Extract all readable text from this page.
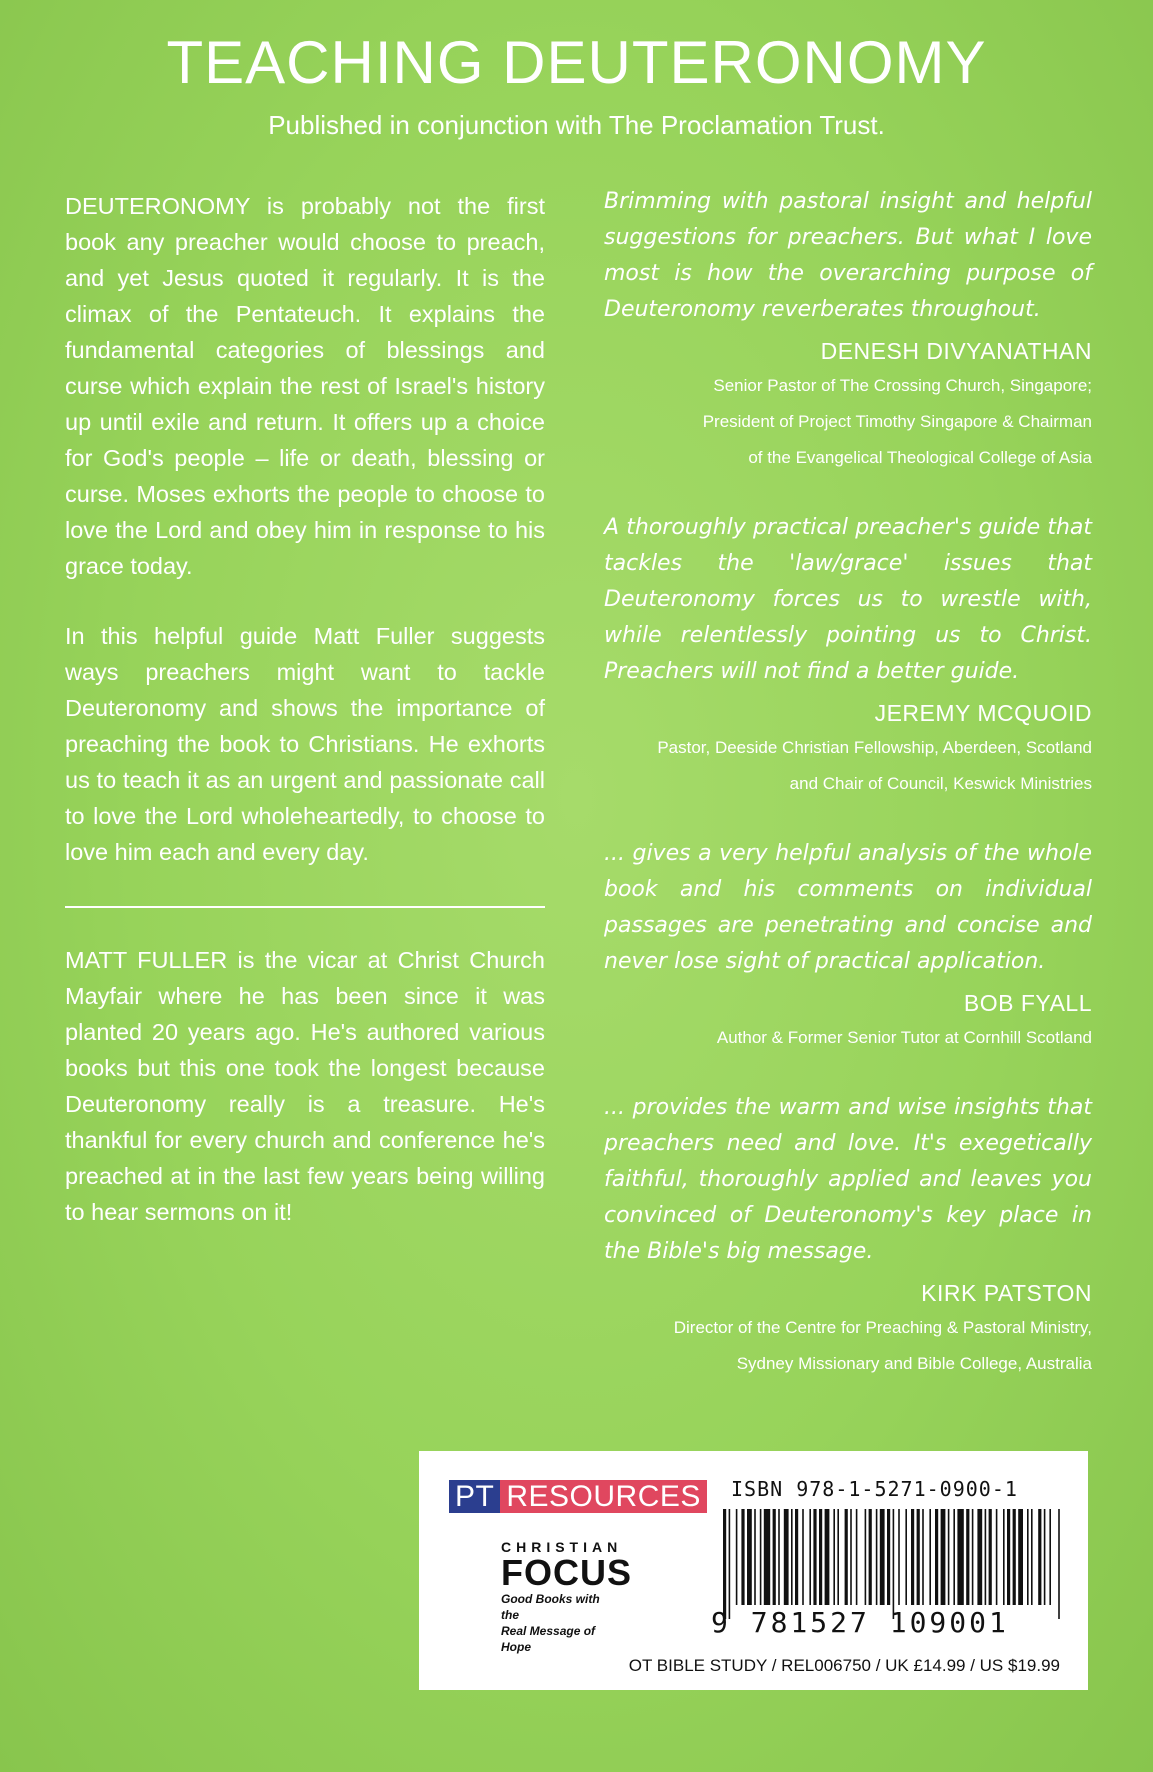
TEACHING DEUTERONOMY
Published in conjunction with The Proclamation Trust.

DEUTERONOMY is probably not the first book any preacher would choose to preach, and yet Jesus quoted it regularly. It is the climax of the Pentateuch. It explains the fundamental categories of blessings and curse which explain the rest of Israel's history up until exile and return. It offers up a choice for God's people – life or death, blessing or curse. Moses exhorts the people to choose to love the Lord and obey him in response to his grace today.

In this helpful guide Matt Fuller suggests ways preachers might want to tackle Deuteronomy and shows the importance of preaching the book to Christians. He exhorts us to teach it as an urgent and passionate call to love the Lord wholeheartedly, to choose to love him each and every day.

MATT FULLER is the vicar at Christ Church Mayfair where he has been since it was planted 20 years ago. He's authored various books but this one took the longest because Deuteronomy really is a treasure. He's thankful for every church and conference he's preached at in the last few years being willing to hear sermons on it!

Brimming with pastoral insight and helpful suggestions for preachers. But what I love most is how the overarching purpose of Deuteronomy reverberates throughout.

DENESH DIVYANATHAN
Senior Pastor of The Crossing Church, Singapore;
President of Project Timothy Singapore & Chairman
of the Evangelical Theological College of Asia

A thoroughly practical preacher's guide that tackles the 'law/grace' issues that Deuteronomy forces us to wrestle with, while relentlessly pointing us to Christ. Preachers will not find a better guide.

JEREMY MCQUOID
Pastor, Deeside Christian Fellowship, Aberdeen, Scotland
and Chair of Council, Keswick Ministries

... gives a very helpful analysis of the whole book and his comments on individual passages are penetrating and concise and never lose sight of practical application.

BOB FYALL
Author & Former Senior Tutor at Cornhill Scotland

... provides the warm and wise insights that preachers need and love. It's exegetically faithful, thoroughly applied and leaves you convinced of Deuteronomy's key place in the Bible's big message.

KIRK PATSTON
Director of the Centre for Preaching & Pastoral Ministry,
Sydney Missionary and Bible College, Australia
PT RESOURCES
CHRISTIAN
FOCUS
Good Books with the
Real Message of Hope
ISBN 978-1-5271-0900-1
9 781527 109001
OT BIBLE STUDY / REL006750 / UK £14.99 / US $19.99
